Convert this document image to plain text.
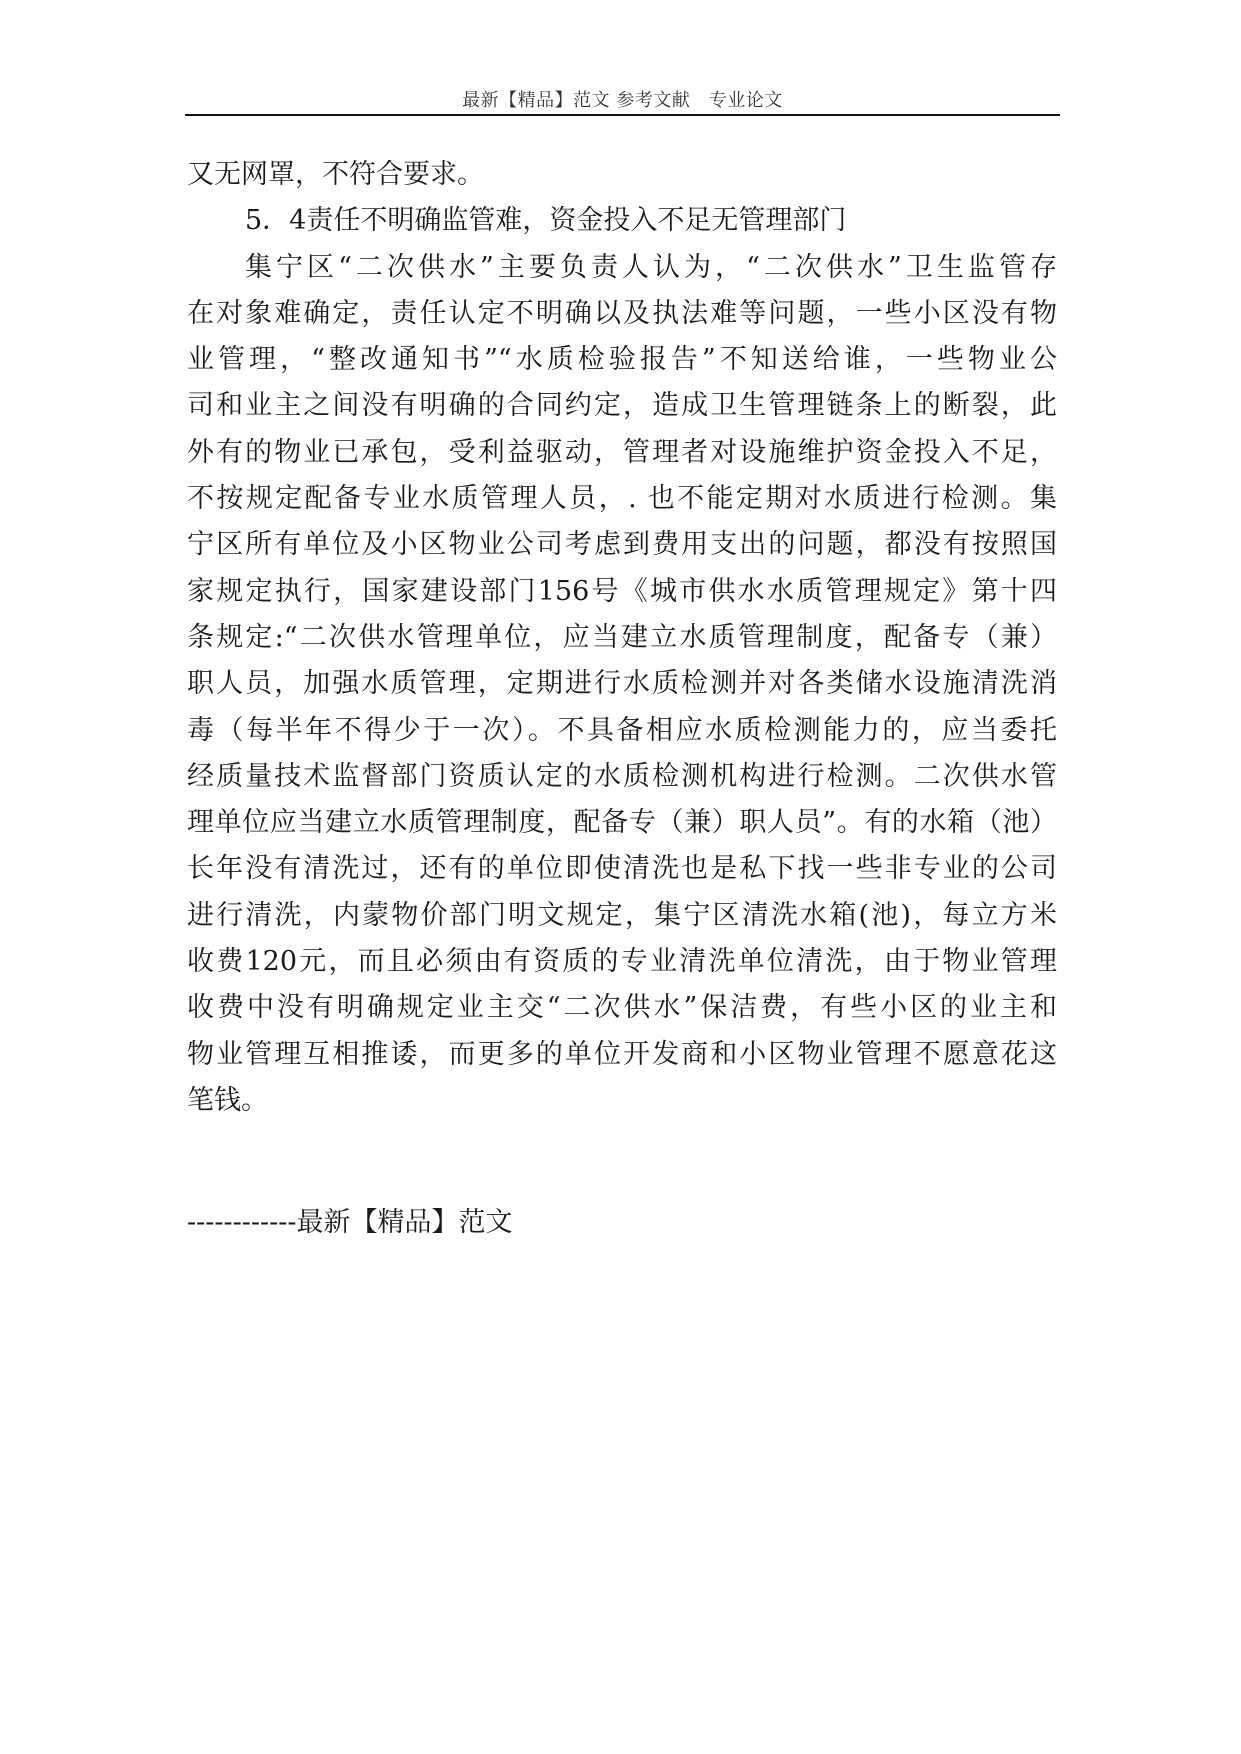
最新【精品】范文 参考文献　专业论文
又无网罩，不符合要求。
5．4责任不明确监管难，资金投入不足无管理部门
集宁区“二次供水”主要负责人认为，“二次供水”卫生监管存
在对象难确定，责任认定不明确以及执法难等问题，一些小区没有物
业管理，“整改通知书”“水质检验报告”不知送给谁，一些物业公
司和业主之间没有明确的合同约定，造成卫生管理链条上的断裂，此
外有的物业已承包，受利益驱动，管理者对设施维护资金投入不足，
不按规定配备专业水质管理人员，. 也不能定期对水质进行检测。集
宁区所有单位及小区物业公司考虑到费用支出的问题，都没有按照国
家规定执行，国家建设部门156号《城市供水水质管理规定》第十四
条规定:“二次供水管理单位，应当建立水质管理制度，配备专（兼）
职人员，加强水质管理，定期进行水质检测并对各类储水设施清洗消
毒（每半年不得少于一次）。不具备相应水质检测能力的，应当委托
经质量技术监督部门资质认定的水质检测机构进行检测。二次供水管
理单位应当建立水质管理制度，配备专（兼）职人员”。有的水箱（池）
长年没有清洗过，还有的单位即使清洗也是私下找一些非专业的公司
进行清洗，内蒙物价部门明文规定，集宁区清洗水箱(池)，每立方米
收费120元，而且必须由有资质的专业清洗单位清洗，由于物业管理
收费中没有明确规定业主交“二次供水”保洁费，有些小区的业主和
物业管理互相推诿，而更多的单位开发商和小区物业管理不愿意花这
笔钱。
------------最新【精品】范文
